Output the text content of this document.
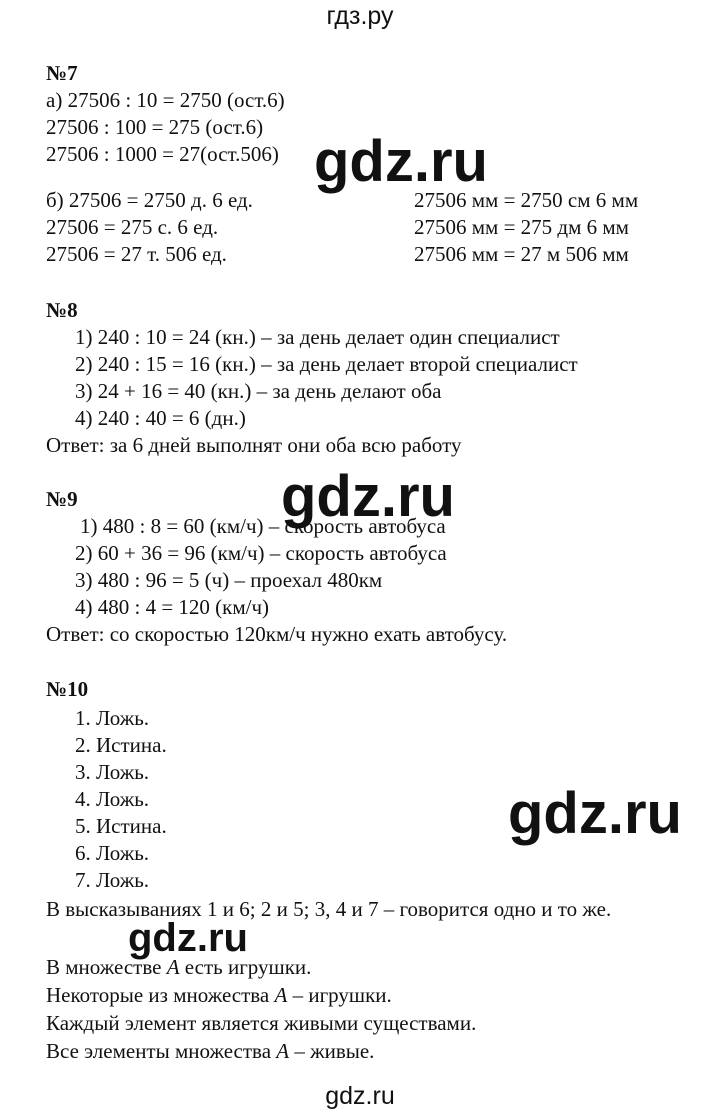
гдз.ру
№7
а) 27506 : 10 = 2750 (ост.6)
27506 : 100 = 275 (ост.6)
27506 : 1000 = 27(ост.506)
б) 27506 = 2750 д. 6 ед.
27506 = 275 с. 6 ед.
27506 = 27 т. 506 ед.
27506 мм = 2750 см 6 мм
27506 мм = 275 дм 6 мм
27506 мм = 27 м 506 мм
№8
1) 240 : 10 = 24 (кн.) – за день делает один специалист
2) 240 : 15 = 16 (кн.) – за день делает второй специалист
3) 24 + 16 = 40 (кн.) – за день делают оба
4) 240 : 40 = 6 (дн.)
Ответ: за 6 дней выполнят они оба всю работу
№9
1) 480 : 8 = 60 (км/ч) – скорость автобуса
2) 60 + 36 = 96 (км/ч) – скорость автобуса
3) 480 : 96 = 5 (ч) – проехал 480км
4) 480 : 4 = 120 (км/ч)
Ответ: со скоростью 120км/ч нужно ехать автобусу.
№10
1. Ложь.
2. Истина.
3. Ложь.
4. Ложь.
5. Истина.
6. Ложь.
7. Ложь.
В высказываниях 1 и 6; 2 и 5; 3, 4 и 7 – говорится одно и то же.
В множестве A есть игрушки.
Некоторые из множества A – игрушки.
Каждый элемент является живыми существами.
Все элементы множества A – живые.
gdz.ru
gdz.ru
gdz.ru
gdz.ru
gdz.ru
